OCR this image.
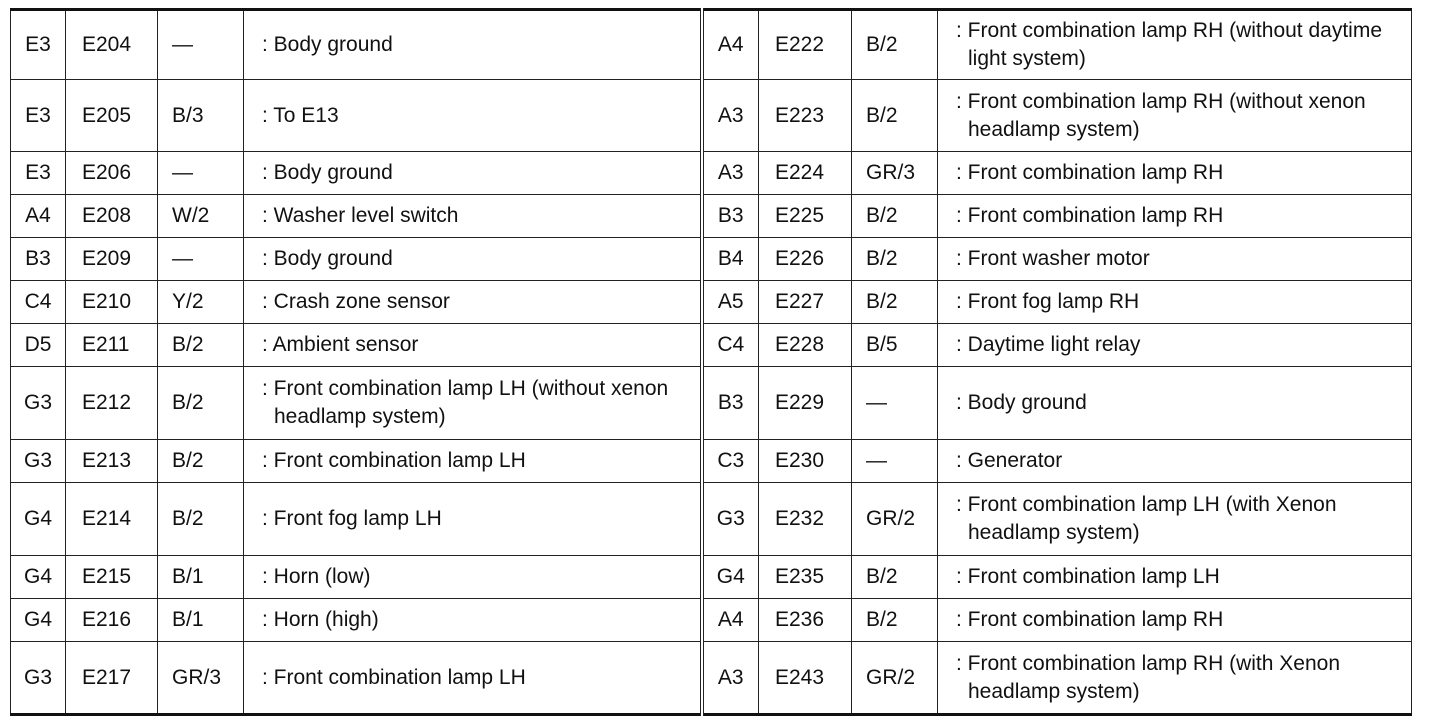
E3	E204	—	: Body ground	A4	E222	B/2	: Front combination lamp RH (without daytime light system)
E3	E205	B/3	: To E13	A3	E223	B/2	: Front combination lamp RH (without xenon headlamp system)
E3	E206	—	: Body ground	A3	E224	GR/3	: Front combination lamp RH
A4	E208	W/2	: Washer level switch	B3	E225	B/2	: Front combination lamp RH
B3	E209	—	: Body ground	B4	E226	B/2	: Front washer motor
C4	E210	Y/2	: Crash zone sensor	A5	E227	B/2	: Front fog lamp RH
D5	E211	B/2	: Ambient sensor	C4	E228	B/5	: Daytime light relay
G3	E212	B/2	: Front combination lamp LH (without xenon headlamp system)	B3	E229	—	: Body ground
G3	E213	B/2	: Front combination lamp LH	C3	E230	—	: Generator
G4	E214	B/2	: Front fog lamp LH	G3	E232	GR/2	: Front combination lamp LH (with Xenon headlamp system)
G4	E215	B/1	: Horn (low)	G4	E235	B/2	: Front combination lamp LH
G4	E216	B/1	: Horn (high)	A4	E236	B/2	: Front combination lamp RH
G3	E217	GR/3	: Front combination lamp LH	A3	E243	GR/2	: Front combination lamp RH (with Xenon headlamp system)
